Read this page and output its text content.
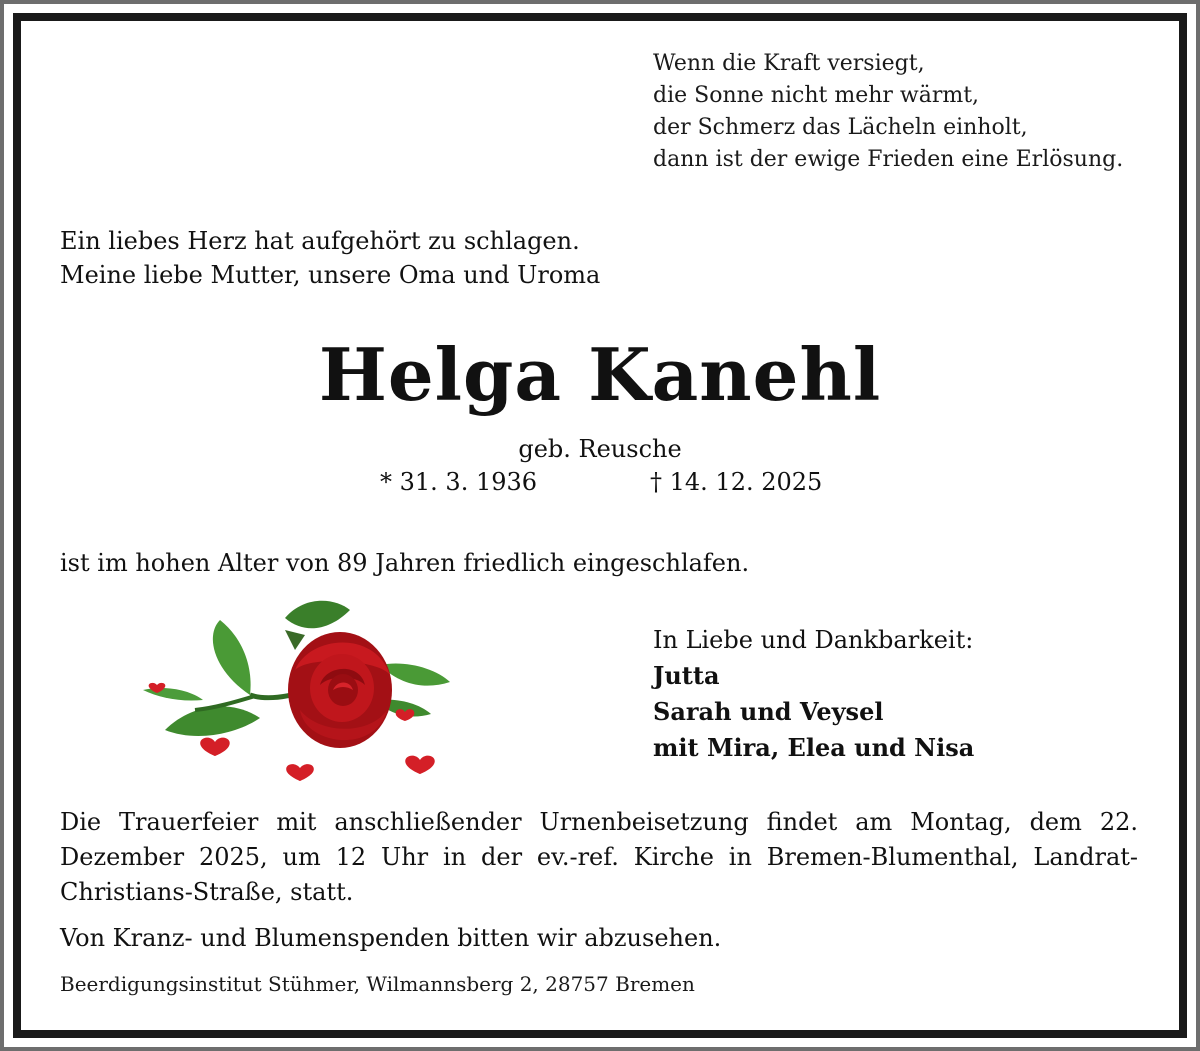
Wenn die Kraft versiegt,
die Sonne nicht mehr wärmt,
der Schmerz das Lächeln einholt,
dann ist der ewige Frieden eine Erlösung.
Ein liebes Herz hat aufgehört zu schlagen.
Meine liebe Mutter, unsere Oma und Uroma
Helga Kanehl
geb. Reusche
* 31. 3. 1936	† 14. 12. 2025
ist im hohen Alter von 89 Jahren friedlich eingeschlafen.
In Liebe und Dankbarkeit:
Jutta
Sarah und Veysel
mit Mira, Elea und Nisa
Die Trauerfeier mit anschließender Urnenbeisetzung findet am Montag, dem 22. Dezember 2025, um 12 Uhr in der ev.-ref. Kirche in Bremen-Blumenthal, Landrat-Christians-Straße, statt.
Von Kranz- und Blumenspenden bitten wir abzusehen.
Beerdigungsinstitut Stühmer, Wilmannsberg 2, 28757 Bremen
